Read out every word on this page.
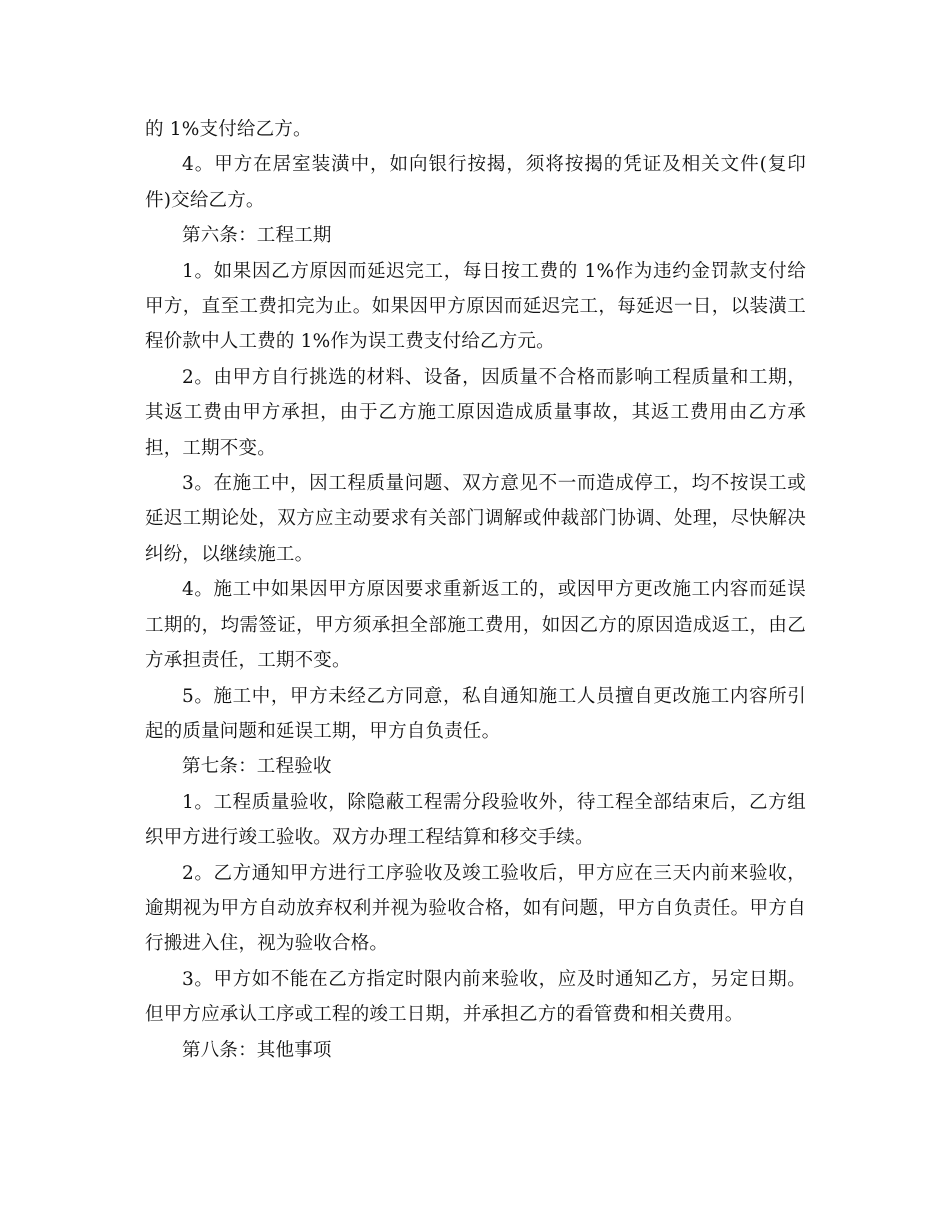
的 1%支付给乙方。

4。甲方在居室装潢中，如向银行按揭，须将按揭的凭证及相关文件(复印件)交给乙方。

第六条：工程工期

1。如果因乙方原因而延迟完工，每日按工费的 1%作为违约金罚款支付给甲方，直至工费扣完为止。如果因甲方原因而延迟完工，每延迟一日，以装潢工程价款中人工费的 1%作为误工费支付给乙方元。

2。由甲方自行挑选的材料、设备，因质量不合格而影响工程质量和工期，其返工费由甲方承担，由于乙方施工原因造成质量事故，其返工费用由乙方承担，工期不变。

3。在施工中，因工程质量问题、双方意见不一而造成停工，均不按误工或延迟工期论处，双方应主动要求有关部门调解或仲裁部门协调、处理，尽快解决纠纷，以继续施工。

4。施工中如果因甲方原因要求重新返工的，或因甲方更改施工内容而延误工期的，均需签证，甲方须承担全部施工费用，如因乙方的原因造成返工，由乙方承担责任，工期不变。

5。施工中，甲方未经乙方同意，私自通知施工人员擅自更改施工内容所引起的质量问题和延误工期，甲方自负责任。

第七条：工程验收

1。工程质量验收，除隐蔽工程需分段验收外，待工程全部结束后，乙方组织甲方进行竣工验收。双方办理工程结算和移交手续。

2。乙方通知甲方进行工序验收及竣工验收后，甲方应在三天内前来验收，逾期视为甲方自动放弃权利并视为验收合格，如有问题，甲方自负责任。甲方自行搬进入住，视为验收合格。

3。甲方如不能在乙方指定时限内前来验收，应及时通知乙方，另定日期。但甲方应承认工序或工程的竣工日期，并承担乙方的看管费和相关费用。

第八条：其他事项
